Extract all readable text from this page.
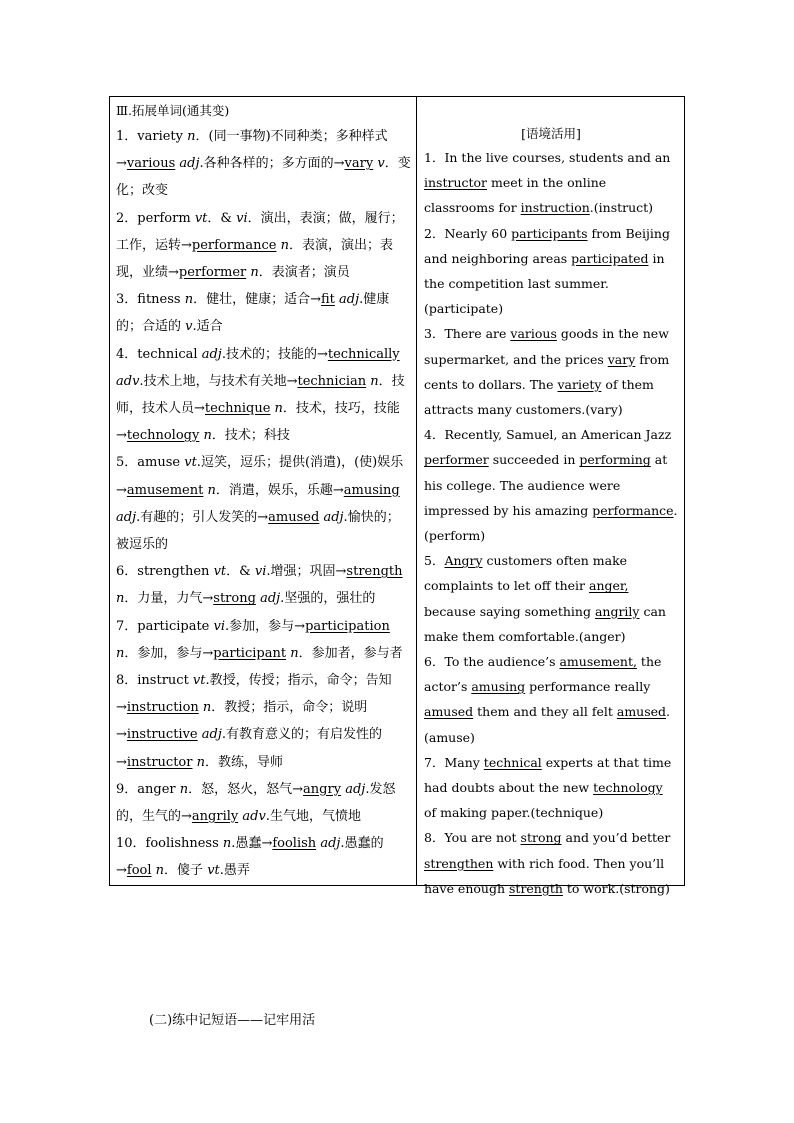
Ⅲ.拓展单词(通其变)
1．variety n．(同一事物)不同种类；多种样式→various adj.各种各样的；多方面的→vary v．变化；改变
2．perform vt．& vi．演出，表演；做，履行；工作，运转→performance n．表演，演出；表现，业绩→performer n．表演者；演员
3．fitness n．健壮，健康；适合→fit adj.健康的；合适的 v.适合
4．technical adj.技术的；技能的→technically adv.技术上地，与技术有关地→technician n．技师，技术人员→technique n．技术，技巧，技能→technology n．技术；科技
5．amuse vt.逗笑，逗乐；提供(消遣)，(使)娱乐→amusement n．消遣，娱乐，乐趣→amusing adj.有趣的；引人发笑的→amused adj.愉快的；被逗乐的
6．strengthen vt．& vi.增强；巩固→strength n．力量，力气→strong adj.坚强的，强壮的
7．participate vi.参加，参与→participation n．参加，参与→participant n．参加者，参与者
8．instruct vt.教授，传授；指示，命令；告知→instruction n．教授；指示，命令；说明→instructive adj.有教育意义的；有启发性的→instructor n．教练，导师
9．anger n．怒，怒火，怒气→angry adj.发怒的，生气的→angrily adv.生气地，气愤地
10．foolishness n.愚蠢→foolish adj.愚蠢的→fool n．傻子 vt.愚弄
[语境活用]
1．In the live courses, students and an instructor meet in the online classrooms for instruction.(instruct)
2．Nearly 60 participants from Beijing and neighboring areas participated in the competition last summer.(participate)
3．There are various goods in the new supermarket, and the prices vary from cents to dollars. The variety of them attracts many customers.(vary)
4．Recently, Samuel, an American Jazz performer succeeded in performing at his college. The audience were impressed by his amazing performance.(perform)
5．Angry customers often make complaints to let off their anger, because saying something angrily can make them comfortable.(anger)
6．To the audience’s amusement, the actor’s amusing performance really amused them and they all felt amused.(amuse)
7．Many technical experts at that time had doubts about the new technology of making paper.(technique)
8．You are not strong and you’d better strengthen with rich food. Then you’ll have enough strength to work.(strong)
(二)练中记短语——记牢用活
